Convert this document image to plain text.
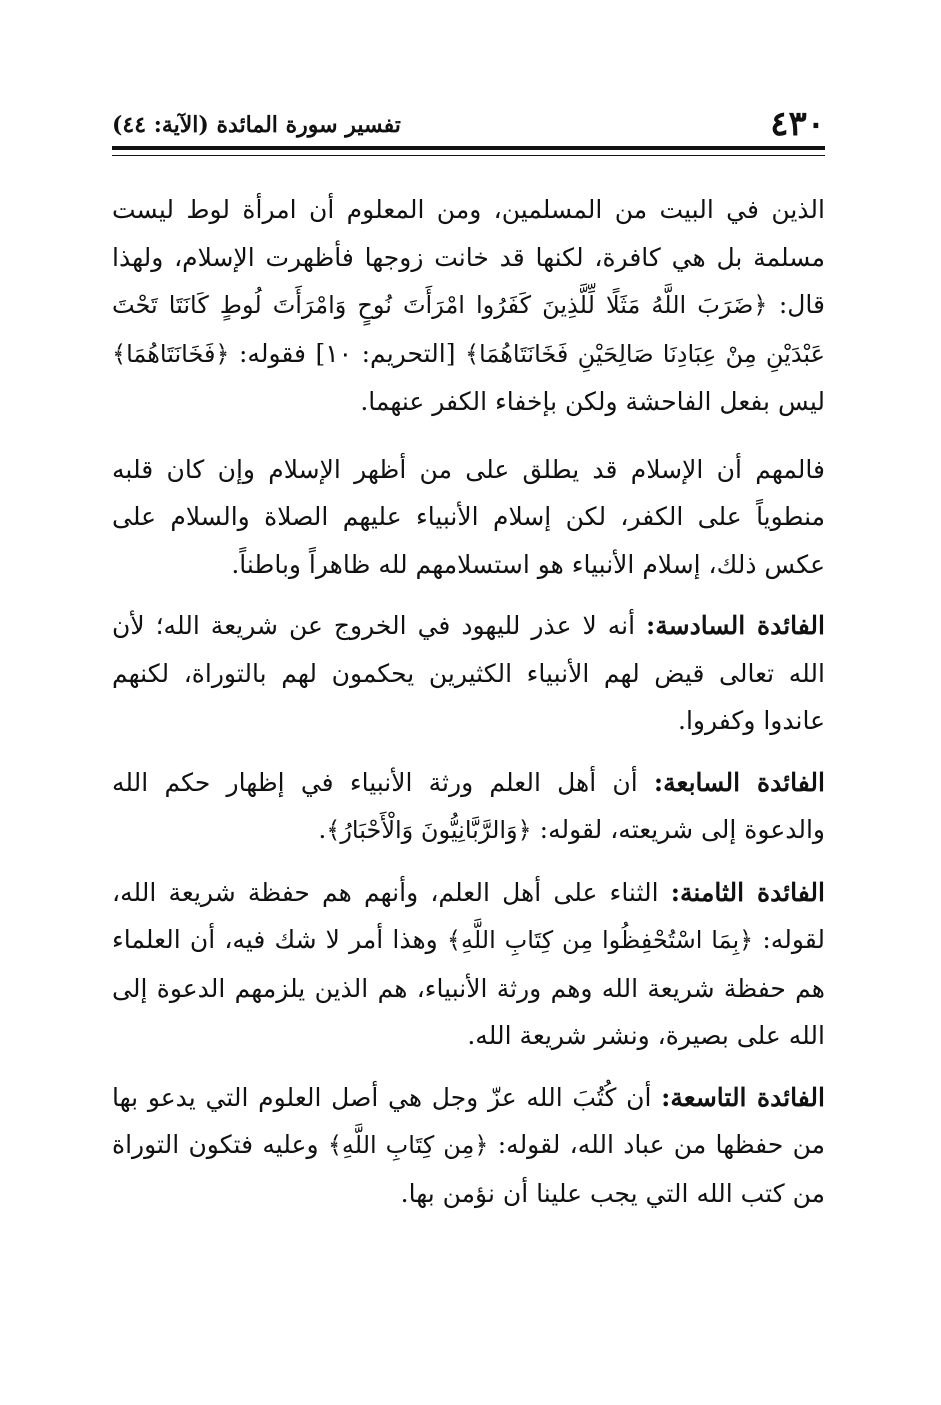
٤٣٠
تفسير سورة المائدة (الآية: ٤٤)

الذين في البيت من المسلمين، ومن المعلوم أن امرأة لوط ليست مسلمة بل هي كافرة، لكنها قد خانت زوجها فأظهرت الإسلام، ولهذا قال: ﴿ضَرَبَ اللَّهُ مَثَلًا لِّلَّذِينَ كَفَرُوا امْرَأَتَ نُوحٍ وَامْرَأَتَ لُوطٍ كَانَتَا تَحْتَ عَبْدَيْنِ مِنْ عِبَادِنَا صَالِحَيْنِ فَخَانَتَاهُمَا﴾ [التحريم: ١٠] فقوله: ﴿فَخَانَتَاهُمَا﴾ ليس بفعل الفاحشة ولكن بإخفاء الكفر عنهما.

فالمهم أن الإسلام قد يطلق على من أظهر الإسلام وإن كان قلبه منطوياً على الكفر، لكن إسلام الأنبياء عليهم الصلاة والسلام على عكس ذلك، إسلام الأنبياء هو استسلامهم لله ظاهراً وباطناً.

الفائدة السادسة: أنه لا عذر لليهود في الخروج عن شريعة الله؛ لأن الله تعالى قيض لهم الأنبياء الكثيرين يحكمون لهم بالتوراة، لكنهم عاندوا وكفروا.

الفائدة السابعة: أن أهل العلم ورثة الأنبياء في إظهار حكم الله والدعوة إلى شريعته، لقوله: ﴿وَالرَّبَّانِيُّونَ وَالْأَحْبَارُ﴾.

الفائدة الثامنة: الثناء على أهل العلم، وأنهم هم حفظة شريعة الله، لقوله: ﴿بِمَا اسْتُحْفِظُوا مِن كِتَابِ اللَّهِ﴾ وهذا أمر لا شك فيه، أن العلماء هم حفظة شريعة الله وهم ورثة الأنبياء، هم الذين يلزمهم الدعوة إلى الله على بصيرة، ونشر شريعة الله.

الفائدة التاسعة: أن كُتُبَ الله عزّ وجل هي أصل العلوم التي يدعو بها من حفظها من عباد الله، لقوله: ﴿مِن كِتَابِ اللَّهِ﴾ وعليه فتكون التوراة من كتب الله التي يجب علينا أن نؤمن بها.
